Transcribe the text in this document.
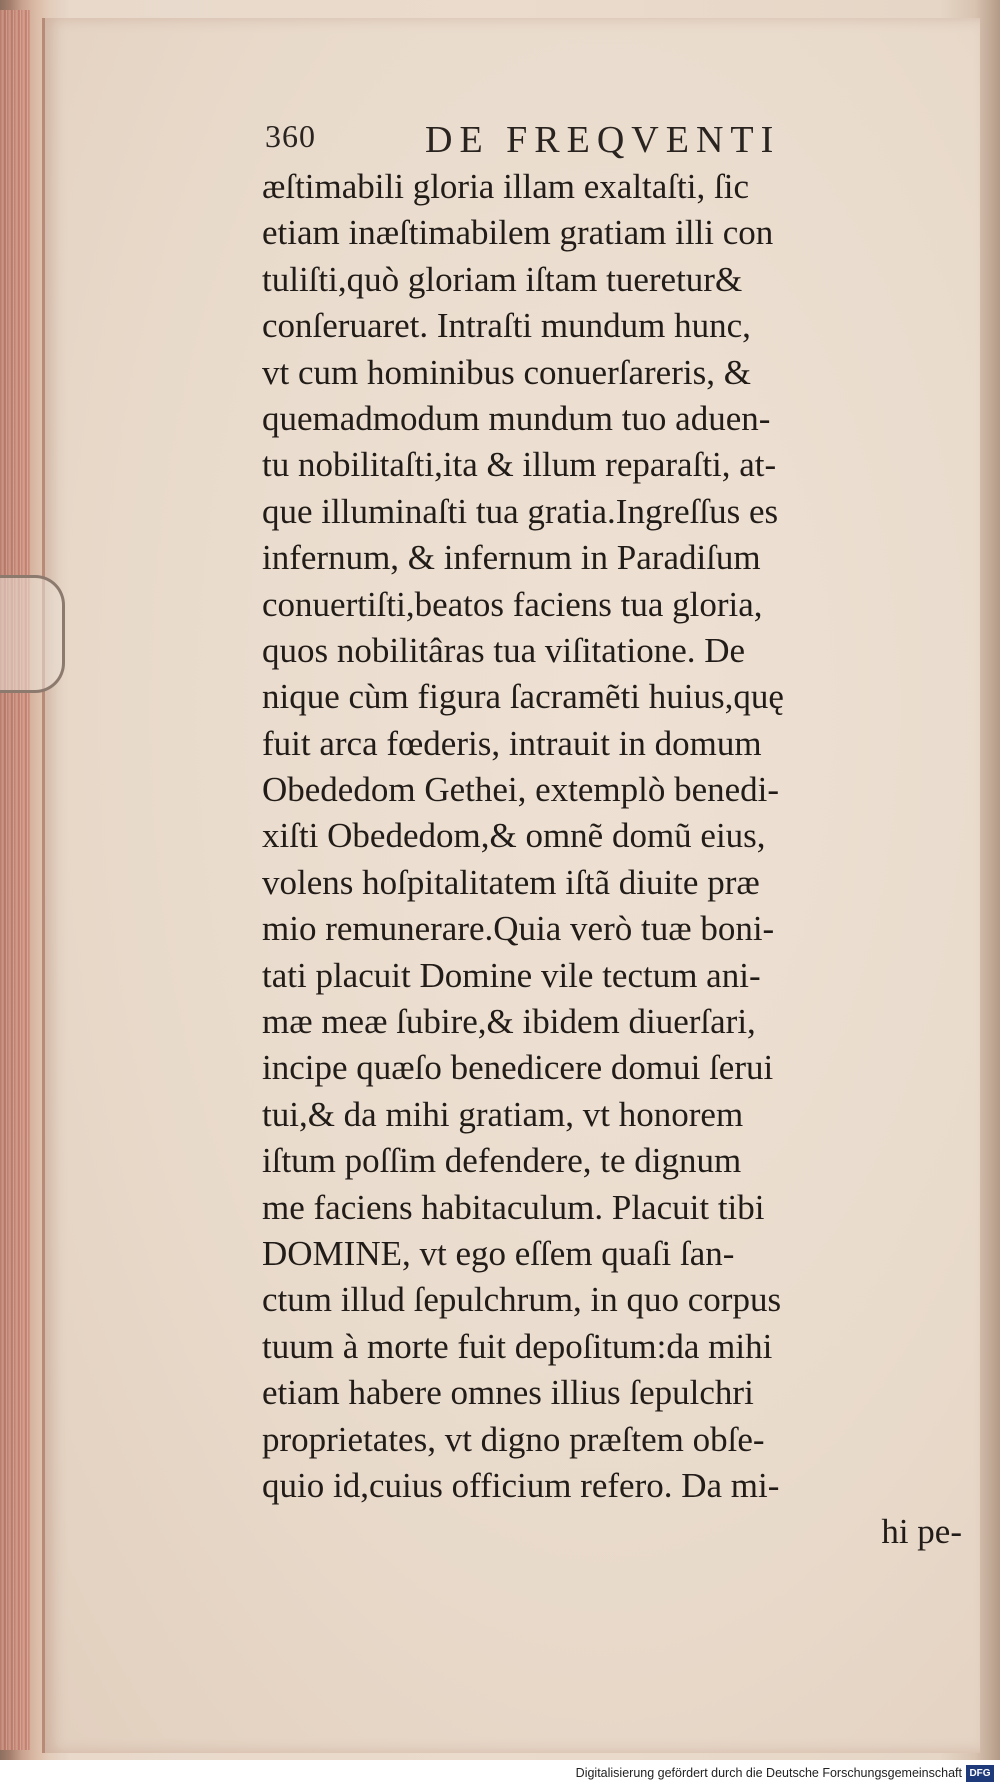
360	DE FREQVENTI
æſtimabili gloria illam exaltaſti, ſic
etiam inæſtimabilem gratiam illi con
tuliſti,quò gloriam iſtam tueretur&
conſeruaret. Intraſti mundum hunc,
vt cum hominibus conuerſareris, &
quemadmodum mundum tuo aduen-
tu nobilitaſti,ita & illum reparaſti, at-
que illuminaſti tua gratia.Ingreſſus es
infernum, & infernum in Paradiſum
conuertiſti,beatos faciens tua gloria,
quos nobilitâras tua viſitatione. De
nique cùm figura ſacramẽti huius,quę
fuit arca fœderis, intrauit in domum
Obededom Gethei, extemplò benedi-
xiſti Obededom,& omnẽ domũ eius,
volens hoſpitalitatem iſtã diuite præ
mio remunerare.Quia verò tuæ boni-
tati placuit Domine vile tectum ani-
mæ meæ ſubire,& ibidem diuerſari,
incipe quæſo benedicere domui ſerui
tui,& da mihi gratiam, vt honorem
iſtum poſſim defendere, te dignum
me faciens habitaculum. Placuit tibi
DOMINE, vt ego eſſem quaſi ſan-
ctum illud ſepulchrum, in quo corpus
tuum à morte fuit depoſitum:da mihi
etiam habere omnes illius ſepulchri
proprietates, vt digno præſtem obſe-
quio id,cuius officium refero. Da mi-
hi pe-
Digitalisierung gefördert durch die Deutsche Forschungsgemeinschaft DFG
